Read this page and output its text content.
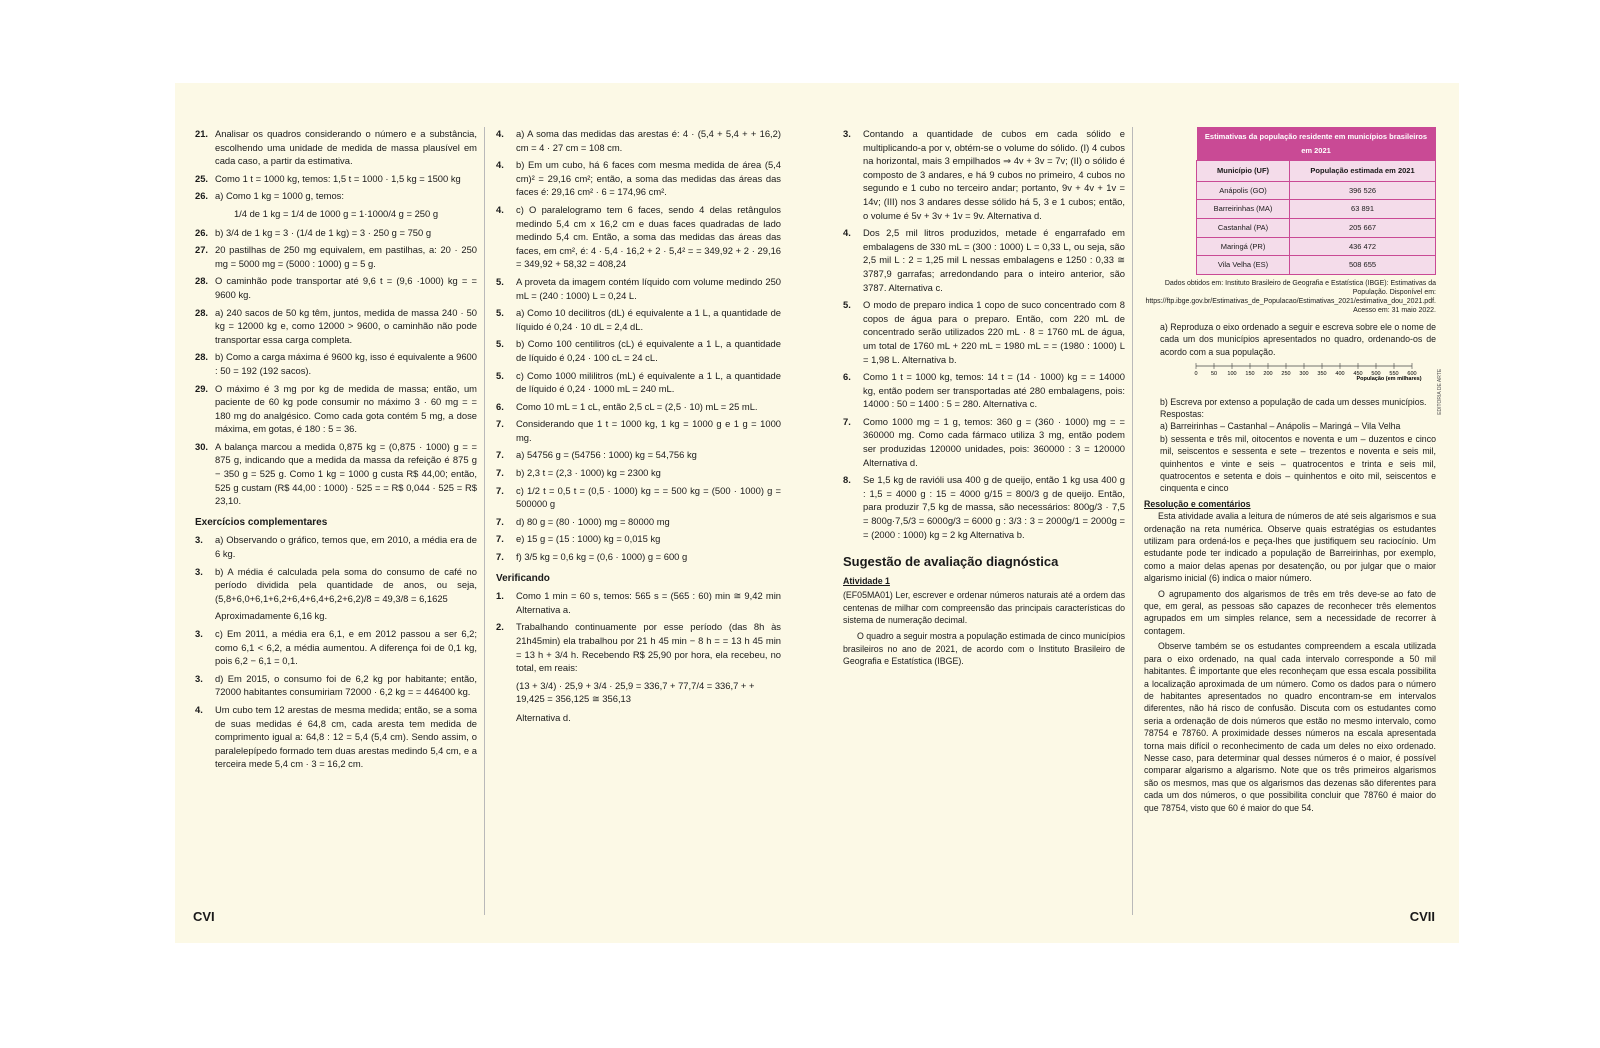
21. Analisar os quadros considerando o número e a substância, escolhendo uma unidade de medida de massa plausível em cada caso, a partir da estimativa.
25. Como 1 t = 1000 kg, temos: 1,5 t = 1000 · 1,5 kg = 1500 kg
26. a) Como 1 kg = 1000 g, temos:
1/4 de 1 kg = 1/4 de 1000 g = 1·1000/4 g = 250 g
26. b) 3/4 de 1 kg = 3 · (1/4 de 1 kg) = 3 · 250 g = 750 g
27. 20 pastilhas de 250 mg equivalem, em pastilhas, a: 20 · 250 mg = 5000 mg = (5000 : 1000) g = 5 g.
28. O caminhão pode transportar até 9,6 t = (9,6 ·1000) kg = = 9600 kg.
28. a) 240 sacos de 50 kg têm, juntos, medida de massa 240 · 50 kg = 12000 kg e, como 12000 > 9600, o caminhão não pode transportar essa carga completa.
28. b) Como a carga máxima é 9600 kg, isso é equivalente a 9600 : 50 = 192 (192 sacos).
29. O máximo é 3 mg por kg de medida de massa; então, um paciente de 60 kg pode consumir no máximo 3 · 60 mg = = 180 mg do analgésico. Como cada gota contém 5 mg, a dose máxima, em gotas, é 180 : 5 = 36.
30. A balança marcou a medida 0,875 kg = (0,875 · 1000) g = = 875 g, indicando que a medida da massa da refeição é 875 g − 350 g = 525 g. Como 1 kg = 1000 g custa R$ 44,00; então, 525 g custam (R$ 44,00 : 1000) · 525 = = R$ 0,044 · 525 = R$ 23,10.
Exercícios complementares
3.	a) Observando o gráfico, temos que, em 2010, a média era de 6 kg.
3.	b) A média é calculada pela soma do consumo de café no período dividida pela quantidade de anos, ou seja, (5,8+6,0+6,1+6,2+6,4+6,4+6,2+6,2)/8 = 49,3/8 = 6,1625
Aproximadamente 6,16 kg.
3.	c) Em 2011, a média era 6,1, e em 2012 passou a ser 6,2; como 6,1 < 6,2, a média aumentou. A diferença foi de 0,1 kg, pois 6,2 − 6,1 = 0,1.
3.	d) Em 2015, o consumo foi de 6,2 kg por habitante; então, 72000 habitantes consumiriam 72000 · 6,2 kg = = 446400 kg.
4.	Um cubo tem 12 arestas de mesma medida; então, se a soma de suas medidas é 64,8 cm, cada aresta tem medida de comprimento igual a: 64,8 : 12 = 5,4 (5,4 cm). Sendo assim, o paralelepípedo formado tem duas arestas medindo 5,4 cm, e a terceira mede 5,4 cm · 3 = 16,2 cm.
4.	a) A soma das medidas das arestas é: 4 · (5,4 + 5,4 + + 16,2) cm = 4 · 27 cm = 108 cm.
4.	b) Em um cubo, há 6 faces com mesma medida de área (5,4 cm)² = 29,16 cm²; então, a soma das medidas das áreas das faces é: 29,16 cm² · 6 = 174,96 cm².
4.	c) O paralelogramo tem 6 faces, sendo 4 delas retângulos medindo 5,4 cm x 16,2 cm e duas faces quadradas de lado medindo 5,4 cm. Então, a soma das medidas das áreas das faces, em cm², é: 4 · 5,4 · 16,2 + 2 · 5,4² = = 349,92 + 2 · 29,16 = 349,92 + 58,32 = 408,24
5.	A proveta da imagem contém líquido com volume medindo 250 mL = (240 : 1000) L = 0,24 L.
5.	a) Como 10 decilitros (dL) é equivalente a 1 L, a quantidade de líquido é 0,24 · 10 dL = 2,4 dL.
5.	b) Como 100 centilitros (cL) é equivalente a 1 L, a quantidade de líquido é 0,24 · 100 cL = 24 cL.
5.	c) Como 1000 mililitros (mL) é equivalente a 1 L, a quantidade de líquido é 0,24 · 1000 mL = 240 mL.
6.	Como 10 mL = 1 cL, então 2,5 cL = (2,5 · 10) mL = 25 mL.
7.	Considerando que 1 t = 1000 kg, 1 kg = 1000 g e 1 g = 1000 mg.
7.	a) 54756 g = (54756 : 1000) kg = 54,756 kg
7.	b) 2,3 t = (2,3 · 1000) kg = 2300 kg
7.	c) 1/2 t = 0,5 t = (0,5 · 1000) kg = = 500 kg = (500 · 1000) g = 500000 g
7.	d) 80 g = (80 · 1000) mg = 80000 mg
7.	e) 15 g = (15 : 1000) kg = 0,015 kg
7.	f) 3/5 kg = 0,6 kg = (0,6 · 1000) g = 600 g
Verificando
1.	Como 1 min = 60 s, temos: 565 s = (565 : 60) min ≅ 9,42 min Alternativa a.
2.	Trabalhando continuamente por esse período (das 8h às 21h45min) ela trabalhou por 21 h 45 min − 8 h = = 13 h 45 min = 13 h + 3/4 h. Recebendo R$ 25,90 por hora, ela recebeu, no total, em reais:
(13 + 3/4) · 25,9 + 3/4 · 25,9 = 336,7 + 77,7/4 = 336,7 + + 19,425 = 356,125 ≅ 356,13
Alternativa d.
3.	Contando a quantidade de cubos em cada sólido e multiplicando-a por v, obtém-se o volume do sólido. (I) 4 cubos na horizontal, mais 3 empilhados ⇒ 4v + 3v = 7v; (II) o sólido é composto de 3 andares, e há 9 cubos no primeiro, 4 cubos no segundo e 1 cubo no terceiro andar; portanto, 9v + 4v + 1v = 14v; (III) nos 3 andares desse sólido há 5, 3 e 1 cubos; então, o volume é 5v + 3v + 1v = 9v. Alternativa d.
4.	Dos 2,5 mil litros produzidos, metade é engarrafado em embalagens de 330 mL = (300 : 1000) L = 0,33 L, ou seja, são 2,5 mil L : 2 = 1,25 mil L nessas embalagens e 1250 : 0,33 ≅ 3787,9 garrafas; arredondando para o inteiro anterior, são 3787. Alternativa c.
5.	O modo de preparo indica 1 copo de suco concentrado com 8 copos de água para o preparo. Então, com 220 mL de concentrado serão utilizados 220 mL · 8 = 1760 mL de água, um total de 1760 mL + 220 mL = 1980 mL = = (1980 : 1000) L = 1,98 L. Alternativa b.
6.	Como 1 t = 1000 kg, temos: 14 t = (14 · 1000) kg = = 14000 kg, então podem ser transportadas até 280 embalagens, pois: 14000 : 50 = 1400 : 5 = 280. Alternativa c.
7.	Como 1000 mg = 1 g, temos: 360 g = (360 · 1000) mg = = 360000 mg. Como cada fármaco utiliza 3 mg, então podem ser produzidas 120000 unidades, pois: 360000 : 3 = 120000 Alternativa d.
8.	Se 1,5 kg de ravióli usa 400 g de queijo, então 1 kg usa 400 g : 1,5 = 4000 g : 15 = 4000 g/15 = 800/3 g de queijo. Então, para produzir 7,5 kg de massa, são necessários: 800g/3 · 7,5 = 800g·7,5/3 = 6000g/3 = 6000 g : 3/3 : 3 = 2000g/1 = 2000g = = (2000 : 1000) kg = 2 kg Alternativa b.
Sugestão de avaliação diagnóstica
Atividade 1
(EF05MA01) Ler, escrever e ordenar números naturais até a ordem das centenas de milhar com compreensão das principais características do sistema de numeração decimal.
O quadro a seguir mostra a população estimada de cinco municípios brasileiros no ano de 2021, de acordo com o Instituto Brasileiro de Geografia e Estatística (IBGE).
Estimativas da população residente em municípios brasileiros em 2021	
Município (UF)	População estimada em 2021
Anápolis (GO)	396 526
Barreirinhas (MA)	63 891
Castanhal (PA)	205 667
Maringá (PR)	436 472
Vila Velha (ES)	508 655
Dados obtidos em: Instituto Brasileiro de Geografia e Estatística (IBGE): Estimativas da População. Disponível em: https://ftp.ibge.gov.br/Estimativas_de_Populacao/Estimativas_2021/estimativa_dou_2021.pdf. Acesso em: 31 maio 2022.
a) Reproduza o eixo ordenado a seguir e escreva sobre ele o nome de cada um dos municípios apresentados no quadro, ordenando-os de acordo com a sua população.
0 50 100 150 200 250 300 350 400 450 500 550 600
População (em milhares)
b) Escreva por extenso a população de cada um desses municípios.
Respostas:
a) Barreirinhas – Castanhal – Anápolis – Maringá – Vila Velha
b) sessenta e três mil, oitocentos e noventa e um – duzentos e cinco mil, seiscentos e sessenta e sete – trezentos e noventa e seis mil, quinhentos e vinte e seis – quatrocentos e trinta e seis mil, quatrocentos e setenta e dois – quinhentos e oito mil, seiscentos e cinquenta e cinco
Resolução e comentários
Esta atividade avalia a leitura de números de até seis algarismos e sua ordenação na reta numérica. Observe quais estratégias os estudantes utilizam para ordená-los e peça-lhes que justifiquem seu raciocínio. Um estudante pode ter indicado a população de Barreirinhas, por exemplo, como a maior delas apenas por desatenção, ou por julgar que o maior algarismo inicial (6) indica o maior número.
O agrupamento dos algarismos de três em três deve-se ao fato de que, em geral, as pessoas são capazes de reconhecer três elementos agrupados em um simples relance, sem a necessidade de recorrer à contagem.
Observe também se os estudantes compreendem a escala utilizada para o eixo ordenado, na qual cada intervalo corresponde a 50 mil habitantes. É importante que eles reconheçam que essa escala possibilita a localização aproximada de um número. Como os dados para o número de habitantes apresentados no quadro encontram-se em intervalos diferentes, não há risco de confusão. Discuta com os estudantes como seria a ordenação de dois números que estão no mesmo intervalo, como 78754 e 78760. A proximidade desses números na escala apresentada torna mais difícil o reconhecimento de cada um deles no eixo ordenado. Nesse caso, para determinar qual desses números é o maior, é possível comparar algarismo a algarismo. Note que os três primeiros algarismos são os mesmos, mas que os algarismos das dezenas são diferentes para cada um dos números, o que possibilita concluir que 78760 é maior do que 78754, visto que 60 é maior do que 54.
EDITORIA DE ARTE
CVI	CVII
